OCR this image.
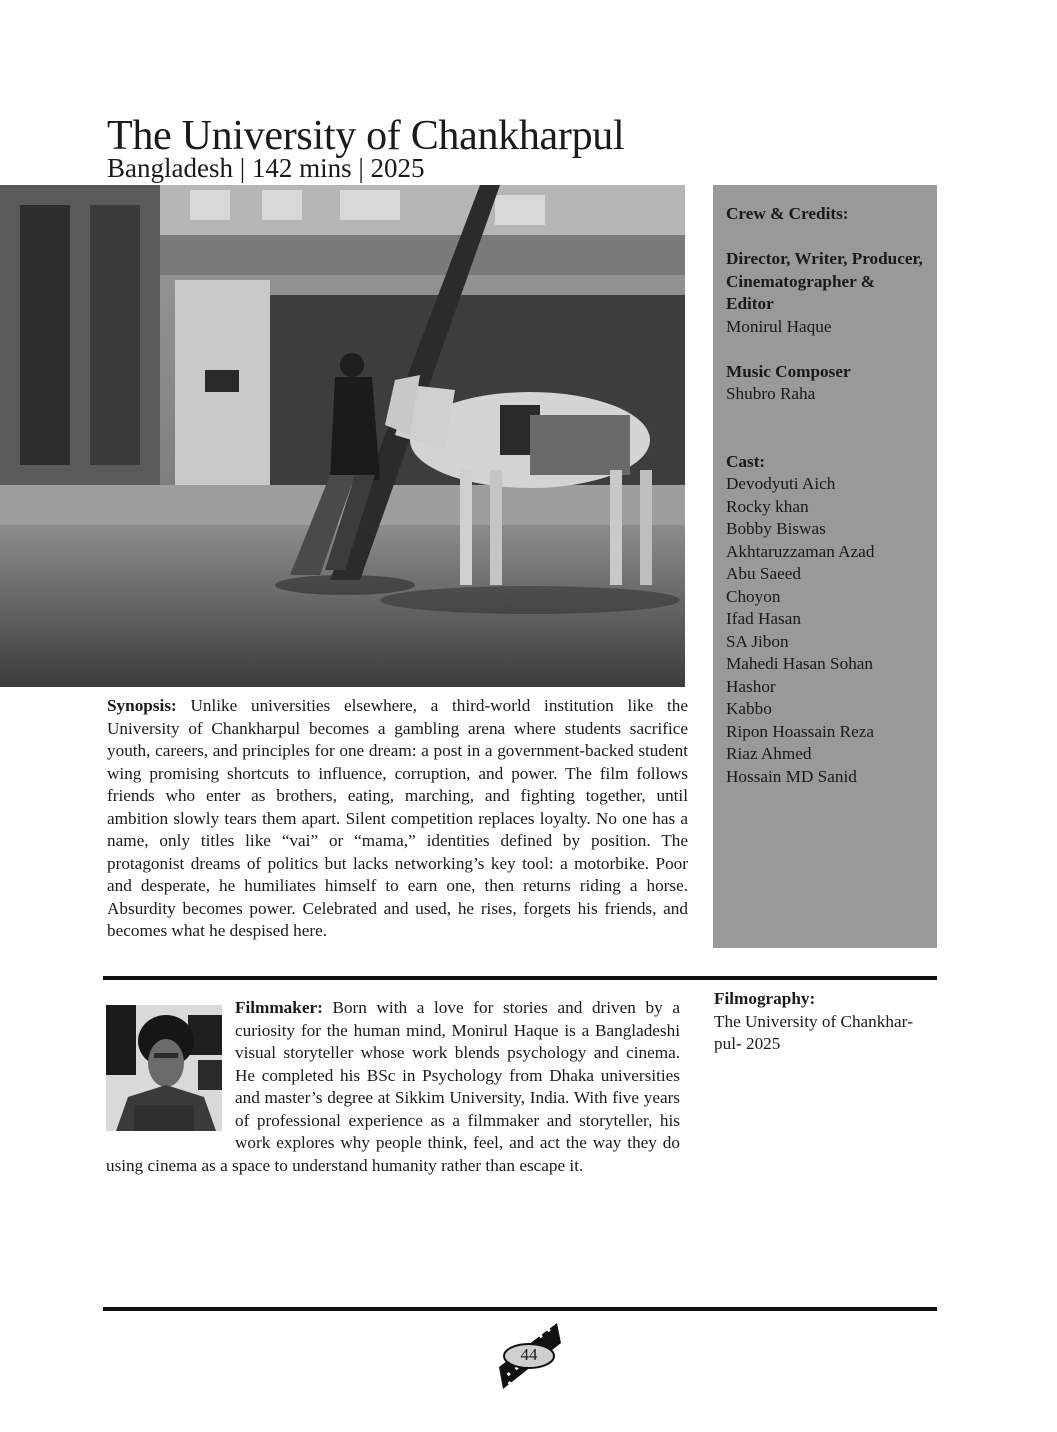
The University of Chankharpul
Bangladesh | 142 mins | 2025
Synopsis: Unlike universities elsewhere, a third-world institution like the University of Chankharpul becomes a gambling arena where students sacrifice youth, careers, and principles for one dream: a post in a government-backed student wing promising shortcuts to influence, corruption, and power. The film follows friends who enter as brothers, eating, marching, and fighting together, until ambition slowly tears them apart. Silent competition replaces loyalty. No one has a name, only titles like “vai” or “mama,” identities defined by position. The protagonist dreams of politics but lacks networking’s key tool: a motorbike. Poor and desperate, he humiliates himself to earn one, then returns riding a horse. Absurdity becomes power. Celebrated and used, he rises, forgets his friends, and becomes what he despised here.
Crew & Credits:
Director, Writer, Producer, Cinematographer & Editor
Monirul Haque
Music Composer
Shubro Raha
Cast:
Devodyuti Aich
Rocky khan
Bobby Biswas
Akhtaruzzaman Azad
Abu Saeed
Choyon
Ifad Hasan
SA Jibon
Mahedi Hasan Sohan
Hashor
Kabbo
Ripon Hoassain Reza
Riaz Ahmed
Hossain MD Sanid
Filmmaker: Born with a love for stories and driven by a curiosity for the human mind, Monirul Haque is a Bangladeshi visual storyteller whose work blends psychology and cinema. He completed his BSc in Psychology from Dhaka universities and master’s degree at Sikkim University, India. With five years of professional experience as a filmmaker and storyteller, his work explores why people think, feel, and act the way they do using cinema as a space to understand humanity rather than escape it.
Filmography:
The University of Chankharpul- 2025
44
